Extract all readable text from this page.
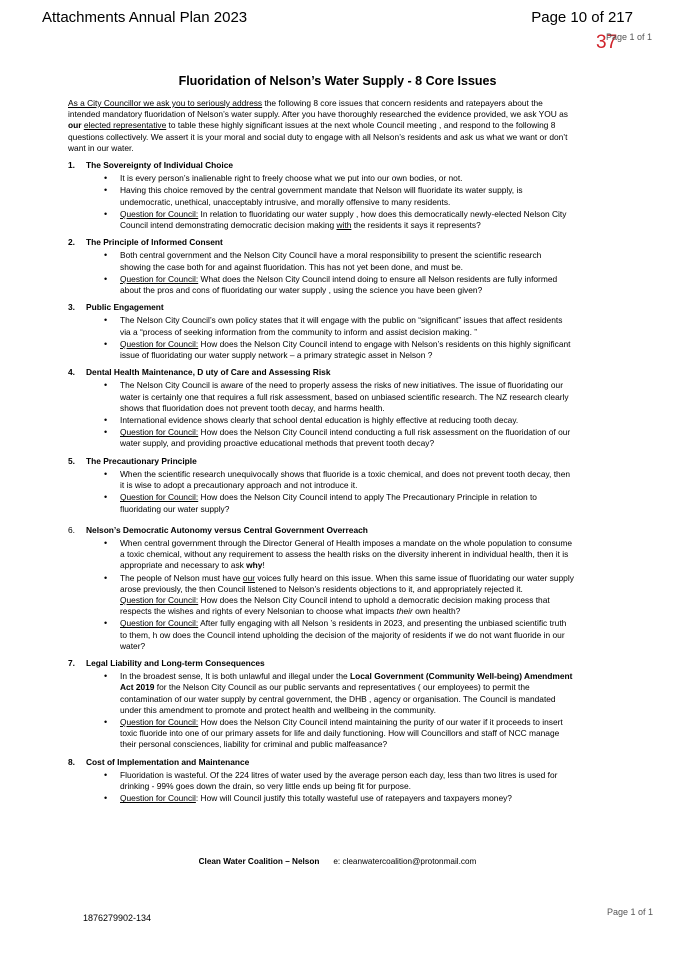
Attachments Annual Plan 2023	Page 10 of 217
37
Page 1 of 1
Fluoridation of Nelson’s Water Supply - 8 Core Issues

As a City Councillor we ask you to seriously address the following 8 core issues that concern residents and ratepayers about the intended mandatory fluoridation of Nelson’s water supply. After you have thoroughly researched the evidence provided, we ask YOU as our elected representative to table these highly significant issues at the next whole Council meeting , and respond to the following 8 questions collectively. We assert it is your moral and social duty to engage with all Nelson’s residents and ask us what we want or don’t want in our water.

1.	The Sovereignty of Individual Choice
• It is every person’s inalienable right to freely choose what we put into our own bodies, or not.
• Having this choice removed by the central government mandate that Nelson will fluoridate its water supply, is undemocratic, unethical, unacceptably intrusive, and morally offensive to many residents.
• Question for Council: In relation to fluoridating our water supply , how does this democratically newly-elected Nelson City Council intend demonstrating democratic decision making with the residents it says it represents?
2.	The Principle of Informed Consent
• Both central government and the Nelson City Council have a moral responsibility to present the scientific research showing the case both for and against fluoridation. This has not yet been done, and must be.
• Question for Council: What does the Nelson City Council intend doing to ensure all Nelson residents are fully informed about the pros and cons of fluoridating our water supply , using the science you have been given?
3.	Public Engagement
• The Nelson City Council’s own policy states that it will engage with the public on “significant” issues that affect residents via a “process of seeking information from the community to inform and assist decision making. ”
• Question for Council: How does the Nelson City Council intend to engage with Nelson’s residents on this highly significant issue of fluoridating our water supply network – a primary strategic asset in Nelson ?
4.	Dental Health Maintenance, D uty of Care and Assessing Risk
• The Nelson City Council is aware of the need to properly assess the risks of new initiatives. The issue of fluoridating our water is certainly one that requires a full risk assessment, based on unbiased scientific research. The NZ research clearly shows that fluoridation does not prevent tooth decay, and harms health.
• International evidence shows clearly that school dental education is highly effective at reducing tooth decay.
• Question for Council: How does the Nelson City Council intend conducting a full risk assessment on the fluoridation of our water supply, and providing proactive educational methods that prevent tooth decay?
5.	The Precautionary Principle
• When the scientific research unequivocally shows that fluoride is a toxic chemical, and does not prevent tooth decay, then it is wise to adopt a precautionary approach and not introduce it.
• Question for Council: How does the Nelson City Council intend to apply The Precautionary Principle in relation to fluoridating our water supply?
6.	Nelson’s Democratic Autonomy versus Central Government Overreach
• When central government through the Director General of Health imposes a mandate on the whole population to consume a toxic chemical, without any requirement to assess the health risks on the diversity inherent in individual health, then it is appropriate and necessary to ask why!
• The people of Nelson must have our voices fully heard on this issue. When this same issue of fluoridating our water supply arose previously, the then Council listened to Nelson’s residents objections to it, and appropriately rejected it.
Question for Council: How does the Nelson City Council intend to uphold a democratic decision making process that respects the wishes and rights of every Nelsonian to choose what impacts their own health?
• Question for Council: After fully engaging with all Nelson ’s residents in 2023, and presenting the unbiased scientific truth to them, h ow does the Council intend upholding the decision of the majority of residents if we do not want fluoride in our water?
7.	Legal Liability and Long-term Consequences
• In the broadest sense, It is both unlawful and illegal under the Local Government (Community Well-being) Amendment Act 2019 for the Nelson City Council as our public servants and representatives ( our employees) to permit the contamination of our water supply by central government, the DHB , agency or organisation. The Council is mandated under this amendment to promote and protect health and wellbeing in the community.
• Question for Council: How does the Nelson City Council intend maintaining the purity of our water if it proceeds to insert toxic fluoride into one of our primary assets for life and daily functioning. How will Councillors and staff of NCC manage their personal consciences, liability for criminal and public malfeasance?
8.	Cost of Implementation and Maintenance
• Fluoridation is wasteful. Of the 224 litres of water used by the average person each day, less than two litres is used for drinking - 99% goes down the drain, so very little ends up being fit for purpose.
• Question for Council: How will Council justify this totally wasteful use of ratepayers and taxpayers money?
Clean Water Coalition – Nelson e: cleanwatercoalition@protonmail.com
1876279902-134
Page 1 of 1
